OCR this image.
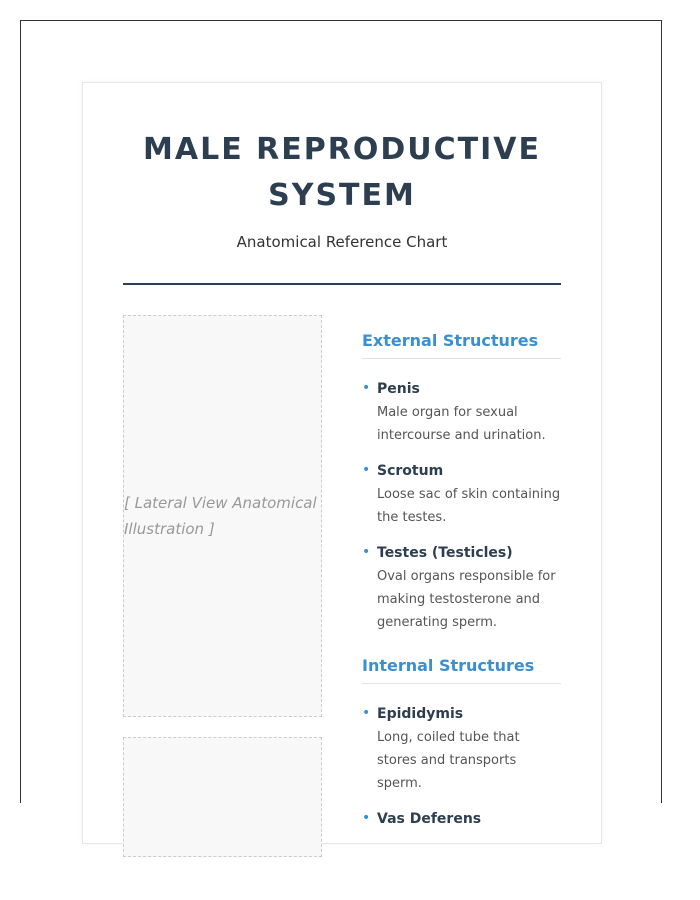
MALE REPRODUCTIVE SYSTEM
Anatomical Reference Chart
[ Lateral View Anatomical Illustration ]
External Structures
• Penis
Male organ for sexual intercourse and urination.
• Scrotum
Loose sac of skin containing the testes.
• Testes (Testicles)
Oval organs responsible for making testosterone and generating sperm.
Internal Structures
• Epididymis
Long, coiled tube that stores and transports sperm.
• Vas Deferens
